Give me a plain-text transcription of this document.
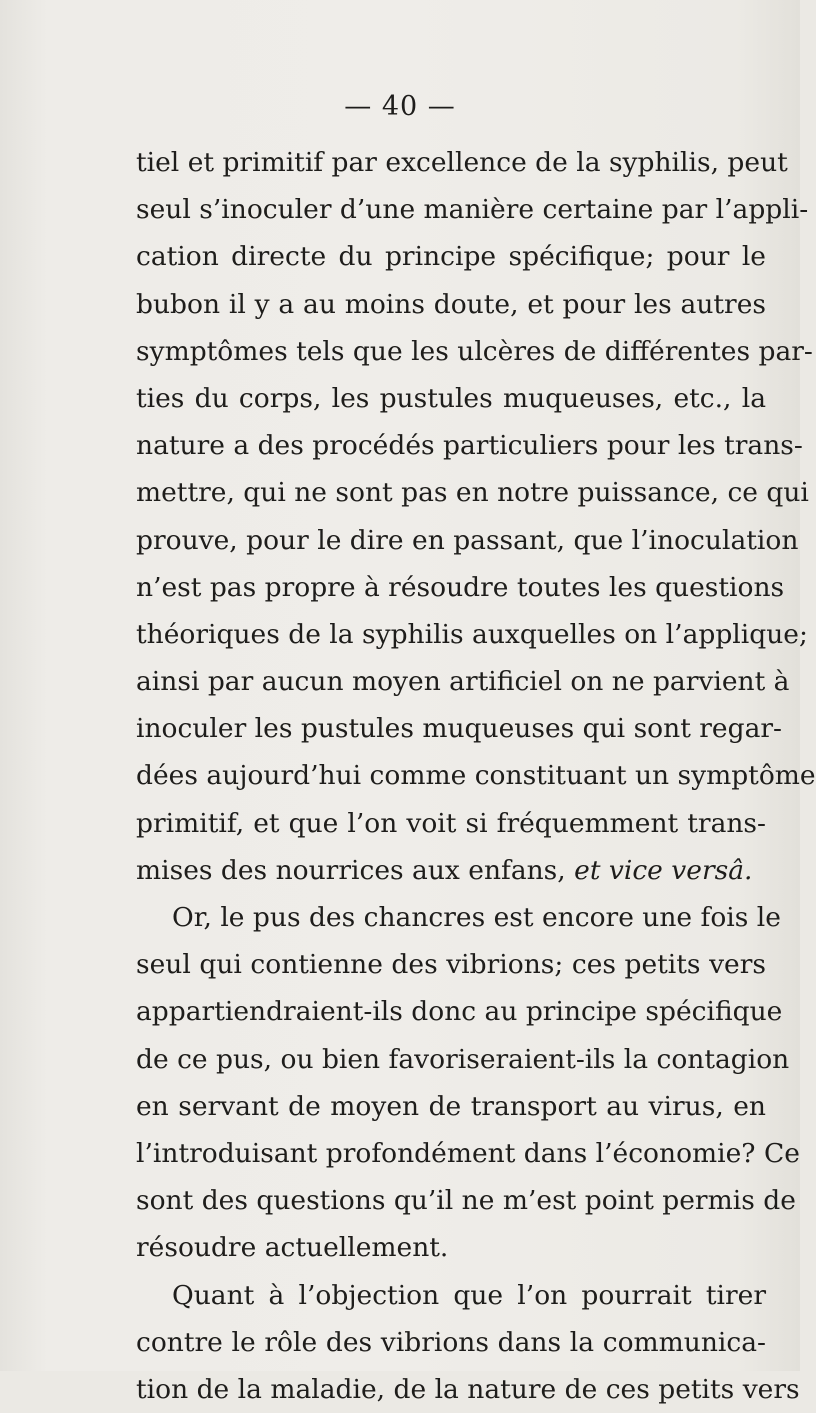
— 40 —
tiel et primitif par excellence de la syphilis, peut
seul s’inoculer d’une manière certaine par l’appli-
cation directe du principe spécifique; pour le
bubon il y a au moins doute, et pour les autres
symptômes tels que les ulcères de différentes par-
ties du corps, les pustules muqueuses, etc., la
nature a des procédés particuliers pour les trans-
mettre, qui ne sont pas en notre puissance, ce qui
prouve, pour le dire en passant, que l’inoculation
n’est pas propre à résoudre toutes les questions
théoriques de la syphilis auxquelles on l’applique;
ainsi par aucun moyen artificiel on ne parvient à
inoculer les pustules muqueuses qui sont regar-
dées aujourd’hui comme constituant un symptôme
primitif, et que l’on voit si fréquemment trans-
mises des nourrices aux enfans, et vice versâ.
Or, le pus des chancres est encore une fois le
seul qui contienne des vibrions; ces petits vers
appartiendraient-ils donc au principe spécifique
de ce pus, ou bien favoriseraient-ils la contagion
en servant de moyen de transport au virus, en
l’introduisant profondément dans l’économie? Ce
sont des questions qu’il ne m’est point permis de
résoudre actuellement.
Quant à l’objection que l’on pourrait tirer
contre le rôle des vibrions dans la communica-
tion de la maladie, de la nature de ces petits vers
